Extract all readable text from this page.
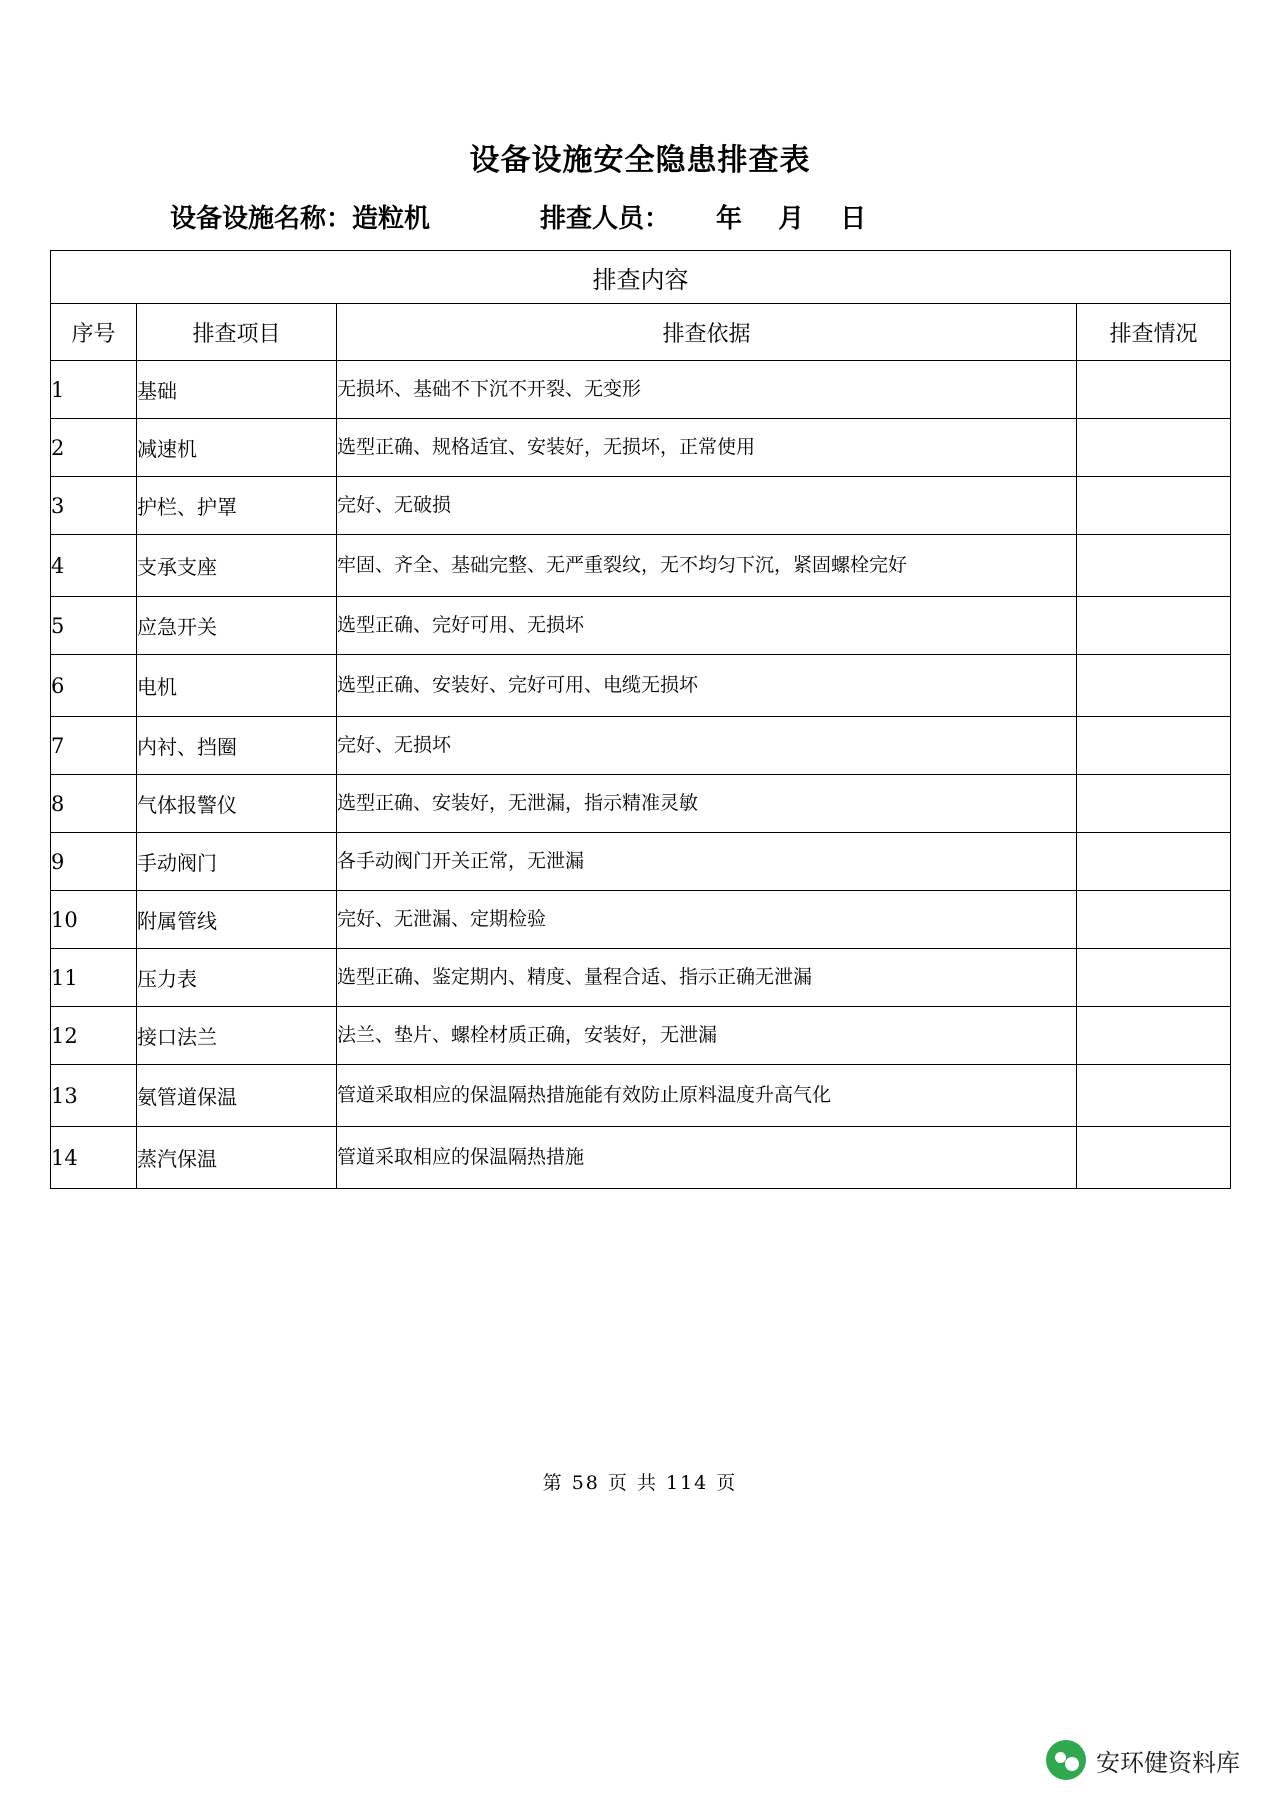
设备设施安全隐患排查表
设备设施名称： 造粒机	排查人员： 年  月  日
排查内容			
序号	排查项目	排查依据	排查情况
1	基础	无损坏、基础不下沉不开裂、无变形	
2	减速机	选型正确、规格适宜、安装好，无损坏，正常使用	
3	护栏、护罩	完好、无破损	
4	支承支座	牢固、齐全、基础完整、无严重裂纹，无不均匀下沉，紧固螺栓完好	
5	应急开关	选型正确、完好可用、无损坏	
6	电机	选型正确、安装好、完好可用、电缆无损坏	
7	内衬、挡圈	完好、无损坏	
8	气体报警仪	选型正确、安装好，无泄漏，指示精准灵敏	
9	手动阀门	各手动阀门开关正常，无泄漏	
10	附属管线	完好、无泄漏、定期检验	
11	压力表	选型正确、鉴定期内、精度、量程合适、指示正确无泄漏	
12	接口法兰	法兰、垫片、螺栓材质正确，安装好，无泄漏	
13	氨管道保温	管道采取相应的保温隔热措施能有效防止原料温度升高气化	
14	蒸汽保温	管道采取相应的保温隔热措施	
第 58 页 共 114 页
安环健资料库
